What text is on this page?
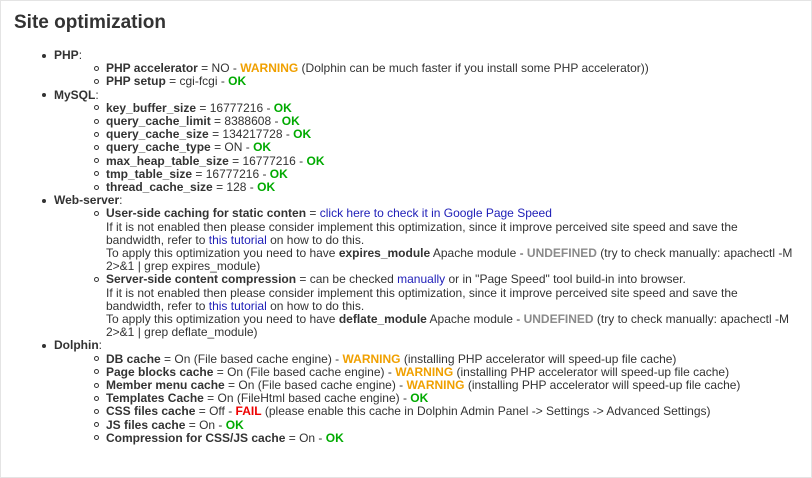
Site optimization
PHP:
PHP accelerator = NO - WARNING (Dolphin can be much faster if you install some PHP accelerator))
PHP setup = cgi-fcgi - OK
MySQL:
key_buffer_size = 16777216 - OK
query_cache_limit = 8388608 - OK
query_cache_size = 134217728 - OK
query_cache_type = ON - OK
max_heap_table_size = 16777216 - OK
tmp_table_size = 16777216 - OK
thread_cache_size = 128 - OK
Web-server:
User-side caching for static conten = click here to check it in Google Page Speed
If it is not enabled then please consider implement this optimization, since it improve perceived site speed and save the bandwidth, refer to this tutorial on how to do this.
To apply this optimization you need to have expires_module Apache module - UNDEFINED (try to check manually: apachectl -M 2>&1 | grep expires_module)
Server-side content compression = can be checked manually or in "Page Speed" tool build-in into browser.
If it is not enabled then please consider implement this optimization, since it improve perceived site speed and save the bandwidth, refer to this tutorial on how to do this.
To apply this optimization you need to have deflate_module Apache module - UNDEFINED (try to check manually: apachectl -M 2>&1 | grep deflate_module)
Dolphin:
DB cache = On (File based cache engine) - WARNING (installing PHP accelerator will speed-up file cache)
Page blocks cache = On (File based cache engine) - WARNING (installing PHP accelerator will speed-up file cache)
Member menu cache = On (File based cache engine) - WARNING (installing PHP accelerator will speed-up file cache)
Templates Cache = On (FileHtml based cache engine) - OK
CSS files cache = Off - FAIL (please enable this cache in Dolphin Admin Panel -> Settings -> Advanced Settings)
JS files cache = On - OK
Compression for CSS/JS cache = On - OK
